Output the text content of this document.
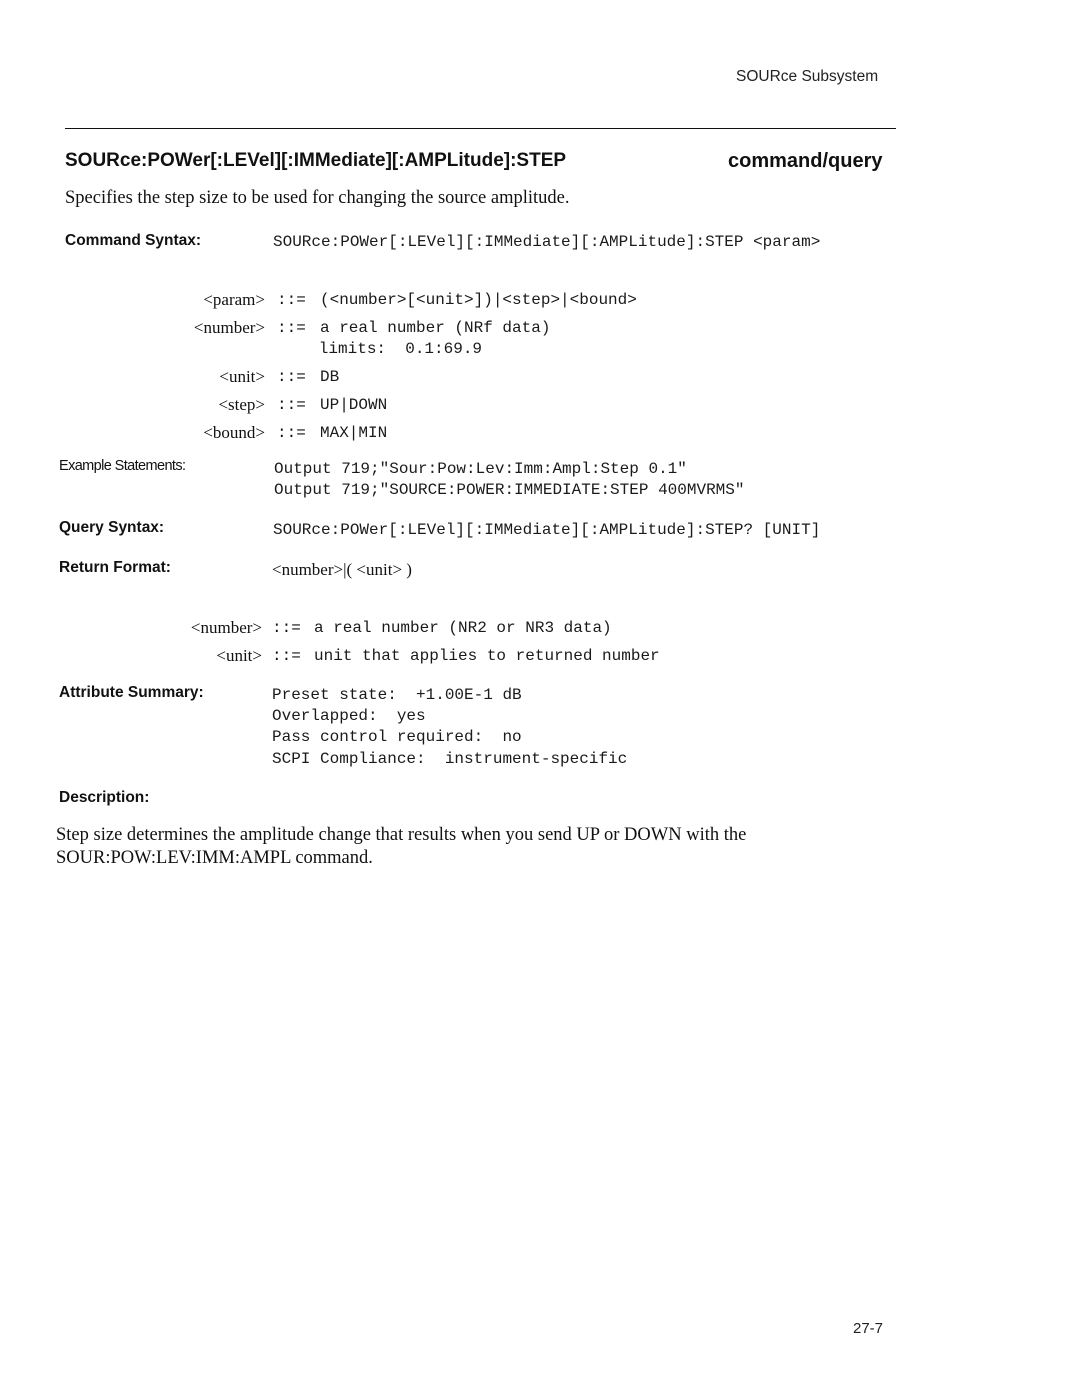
SOURce Subsystem
SOURce:POWer[:LEVel][:IMMediate][:AMPLitude]:STEP	command/query
Specifies the step size to be used for changing the source amplitude.
Command Syntax:	SOURce:POWer[:LEVel][:IMMediate][:AMPLitude]:STEP <param>
<param> ::= (<number>[<unit>])|<step>|<bound>
<number> ::= a real number (NRf data)
limits:  0.1:69.9
<unit> ::= DB
<step> ::= UP|DOWN
<bound> ::= MAX|MIN
Example Statements:	Output 719;"Sour:Pow:Lev:Imm:Ampl:Step 0.1"
Output 719;"SOURCE:POWER:IMMEDIATE:STEP 400MVRMS"
Query Syntax:	SOURce:POWer[:LEVel][:IMMediate][:AMPLitude]:STEP? [UNIT]
Return Format:	<number>|( <unit> )
<number> ::= a real number (NR2 or NR3 data)
<unit> ::= unit that applies to returned number
Attribute Summary:	Preset state:  +1.00E-1 dB
Overlapped:  yes
Pass control required:  no
SCPI Compliance:  instrument-specific
Description:
Step size determines the amplitude change that results when you send UP or DOWN with the
SOUR:POW:LEV:IMM:AMPL command.
27-7
